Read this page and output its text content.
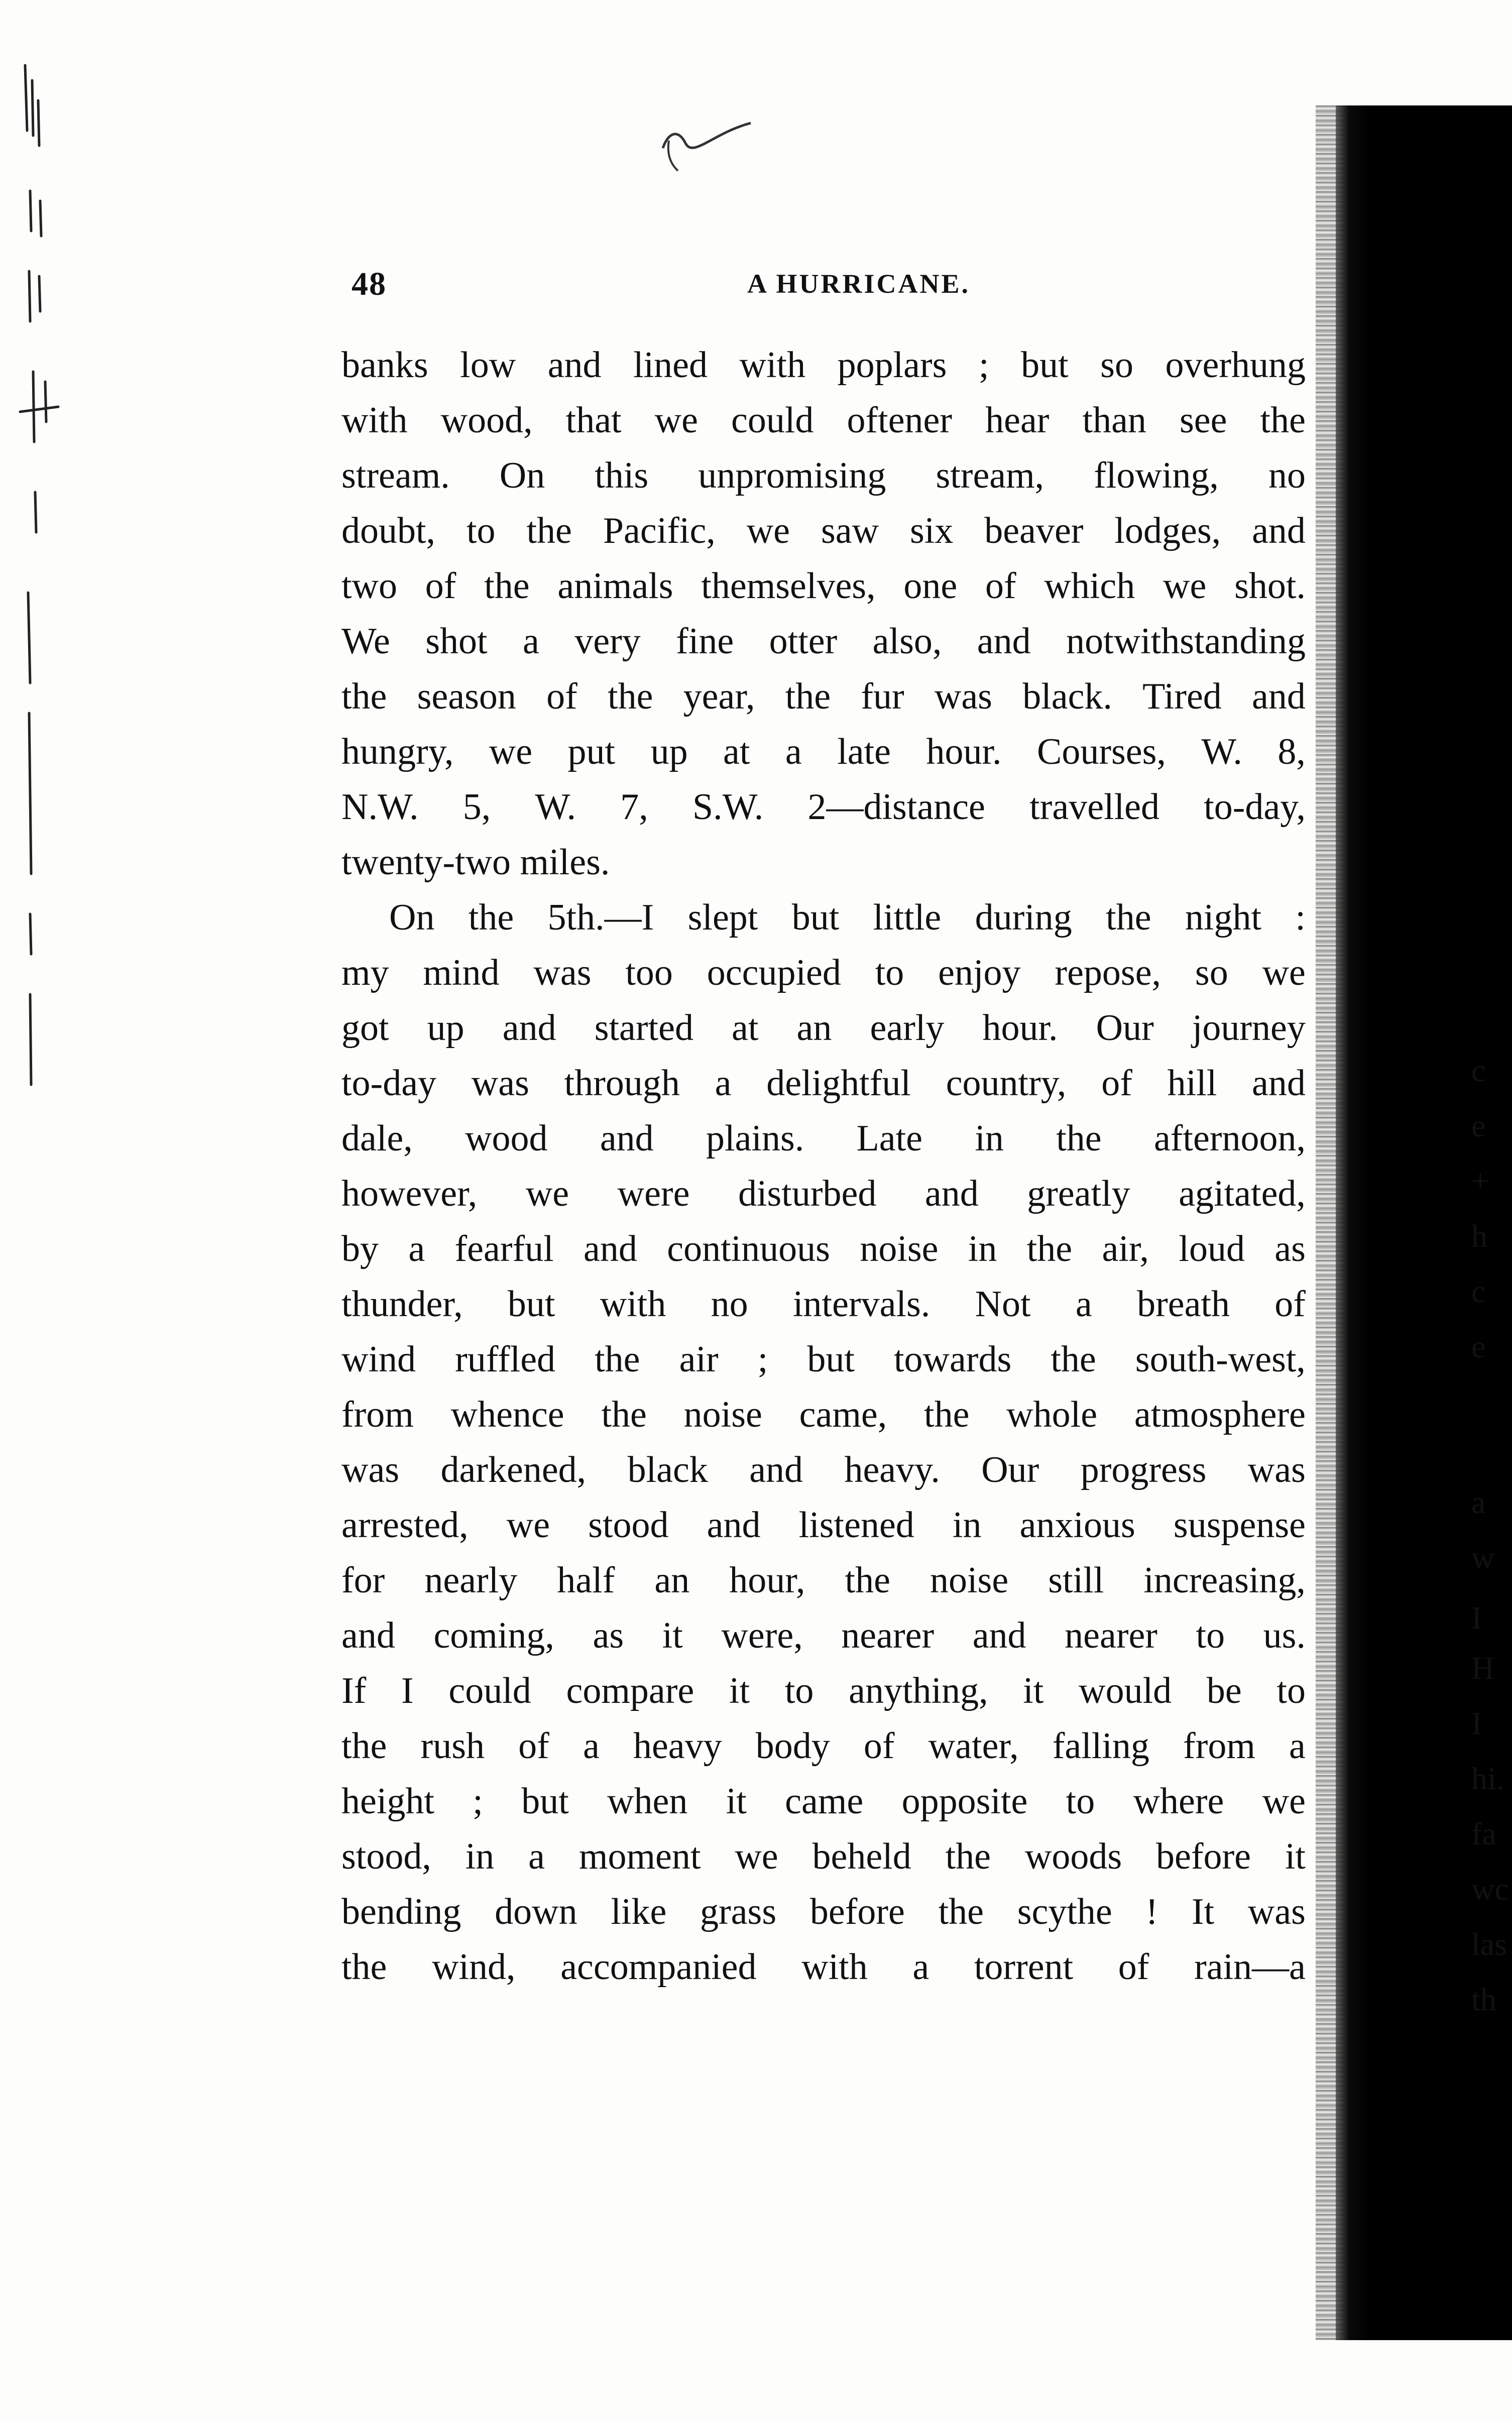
48	A HURRICANE.
banks low and lined with poplars ; but so overhung
with wood, that we could oftener hear than see the
stream. On this unpromising stream, flowing, no
doubt, to the Pacific, we saw six beaver lodges, and
two of the animals themselves, one of which we shot.
We shot a very fine otter also, and notwithstanding
the season of the year, the fur was black. Tired and
hungry, we put up at a late hour. Courses, W. 8,
N.W. 5, W. 7, S.W. 2—distance travelled to-day,
twenty-two miles.
On the 5th.—I slept but little during the night :
my mind was too occupied to enjoy repose, so we
got up and started at an early hour. Our journey
to-day was through a delightful country, of hill and
dale, wood and plains. Late in the afternoon,
however, we were disturbed and greatly agitated,
by a fearful and continuous noise in the air, loud as
thunder, but with no intervals. Not a breath of
wind ruffled the air ; but towards the south-west,
from whence the noise came, the whole atmosphere
was darkened, black and heavy. Our progress was
arrested, we stood and listened in anxious suspense
for nearly half an hour, the noise still increasing,
and coming, as it were, nearer and nearer to us.
If I could compare it to anything, it would be to
the rush of a heavy body of water, falling from a
height ; but when it came opposite to where we
stood, in a moment we beheld the woods before it
bending down like grass before the scythe ! It was
the wind, accompanied with a torrent of rain—a
c
e
+
h
c
e
a
w
I
H
I
hi.
fa
wc
las
th
